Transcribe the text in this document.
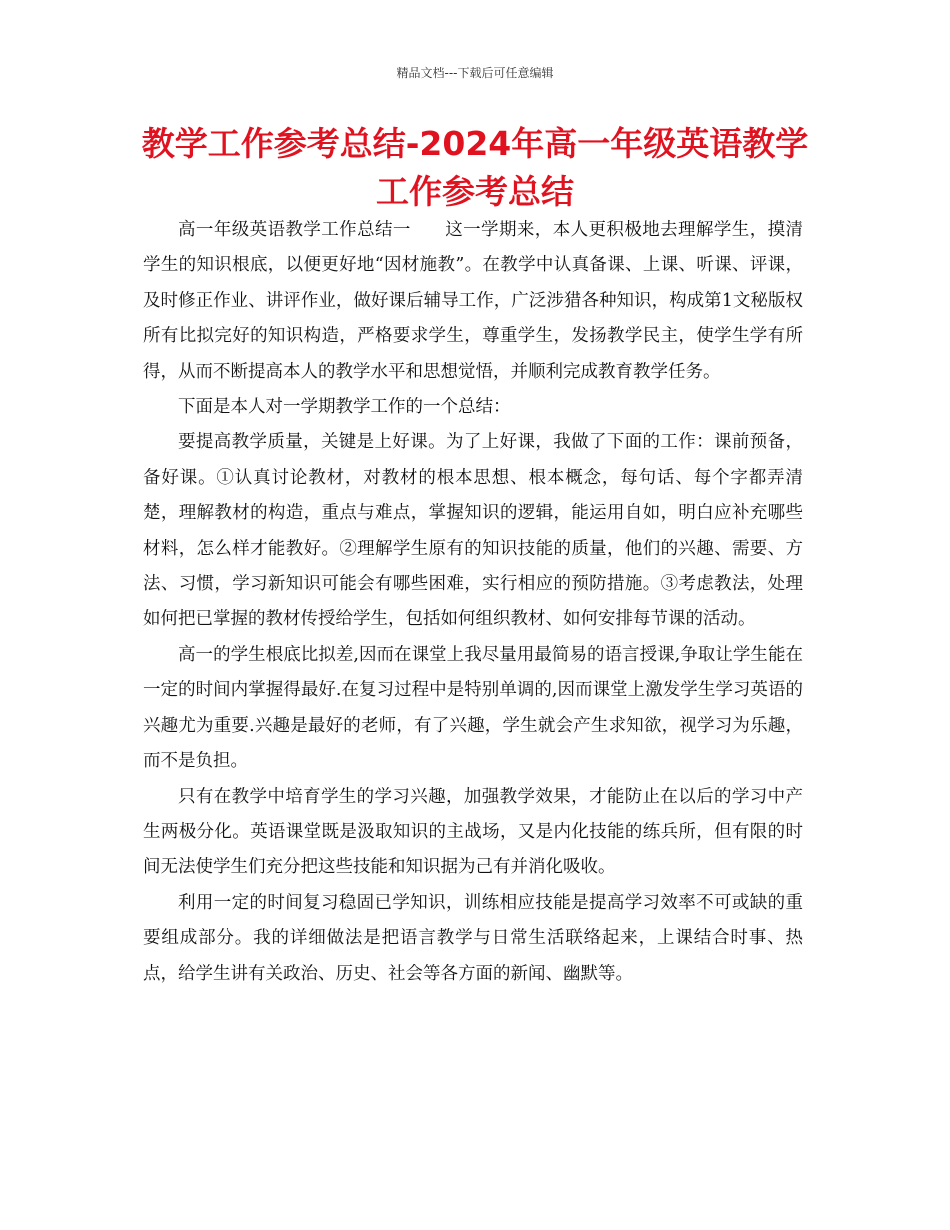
精品文档---下载后可任意编辑
教学工作参考总结-2024年高一年级英语教学工作参考总结

高一年级英语教学工作总结一 这一学期来，本人更积极地去理解学生，摸清学生的知识根底，以便更好地“因材施教”。在教学中认真备课、上课、听课、评课，及时修正作业、讲评作业，做好课后辅导工作，广泛涉猎各种知识，构成第1文秘版权所有比拟完好的知识构造，严格要求学生，尊重学生，发扬教学民主，使学生学有所得，从而不断提高本人的教学水平和思想觉悟，并顺利完成教育教学任务。

下面是本人对一学期教学工作的一个总结：

要提高教学质量，关键是上好课。为了上好课，我做了下面的工作：课前预备，备好课。①认真讨论教材，对教材的根本思想、根本概念，每句话、每个字都弄清楚，理解教材的构造，重点与难点，掌握知识的逻辑，能运用自如，明白应补充哪些材料，怎么样才能教好。②理解学生原有的知识技能的质量，他们的兴趣、需要、方法、习惯，学习新知识可能会有哪些困难，实行相应的预防措施。③考虑教法，处理如何把已掌握的教材传授给学生，包括如何组织教材、如何安排每节课的活动。

高一的学生根底比拟差,因而在课堂上我尽量用最简易的语言授课,争取让学生能在一定的时间内掌握得最好.在复习过程中是特别单调的,因而课堂上激发学生学习英语的兴趣尤为重要.兴趣是最好的老师，有了兴趣，学生就会产生求知欲，视学习为乐趣，而不是负担。

只有在教学中培育学生的学习兴趣，加强教学效果，才能防止在以后的学习中产生两极分化。英语课堂既是汲取知识的主战场，又是内化技能的练兵所，但有限的时间无法使学生们充分把这些技能和知识据为己有并消化吸收。

利用一定的时间复习稳固已学知识，训练相应技能是提高学习效率不可或缺的重要组成部分。我的详细做法是把语言教学与日常生活联络起来，上课结合时事、热点，给学生讲有关政治、历史、社会等各方面的新闻、幽默等。
